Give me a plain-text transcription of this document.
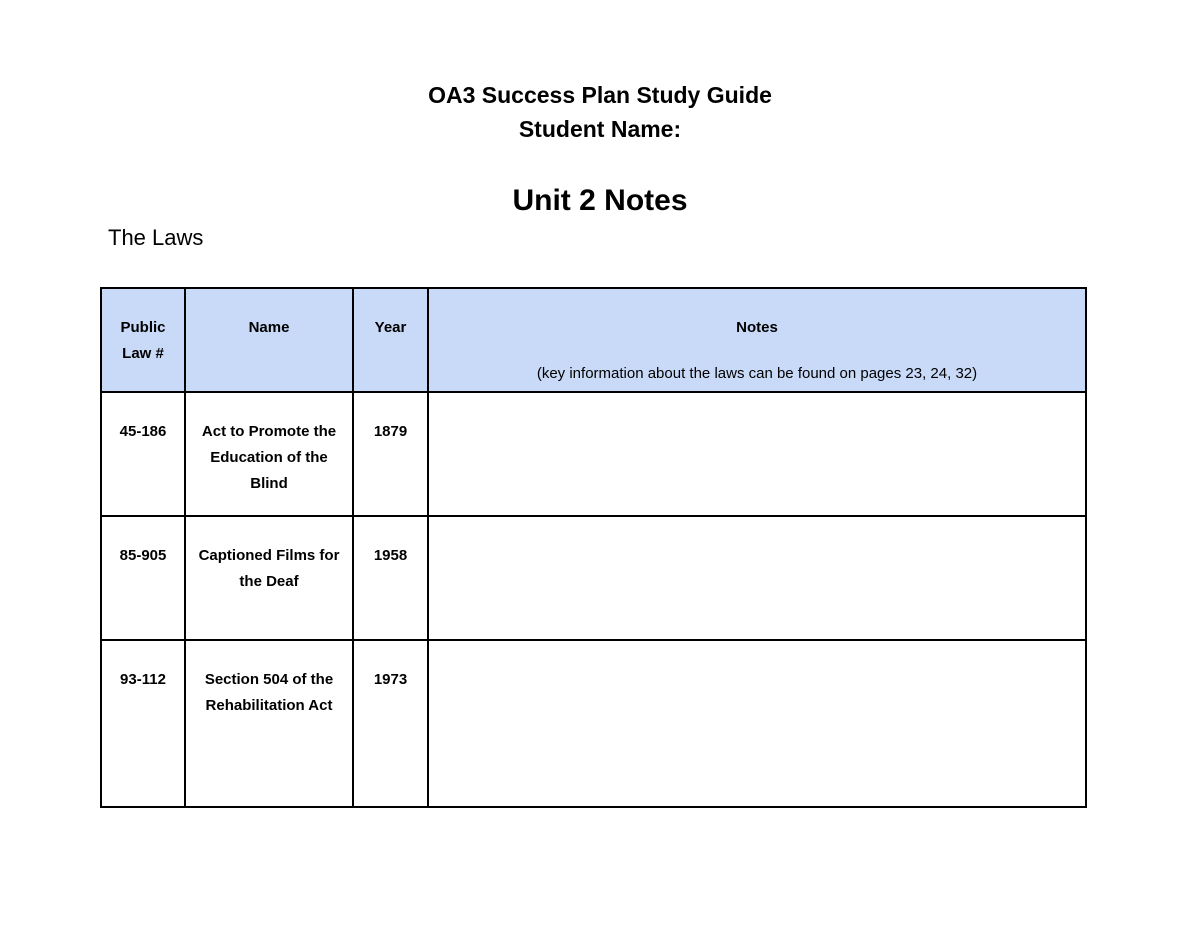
OA3 Success Plan Study Guide
Student Name:
Unit 2 Notes
The Laws
Public Law #	Name	Year	Notes
(key information about the laws can be found on pages 23, 24, 32)

45-186	Act to Promote the Education of the Blind	1879	

85-905	Captioned Films for the Deaf	1958	

93-112	Section 504 of the Rehabilitation Act	1973	
